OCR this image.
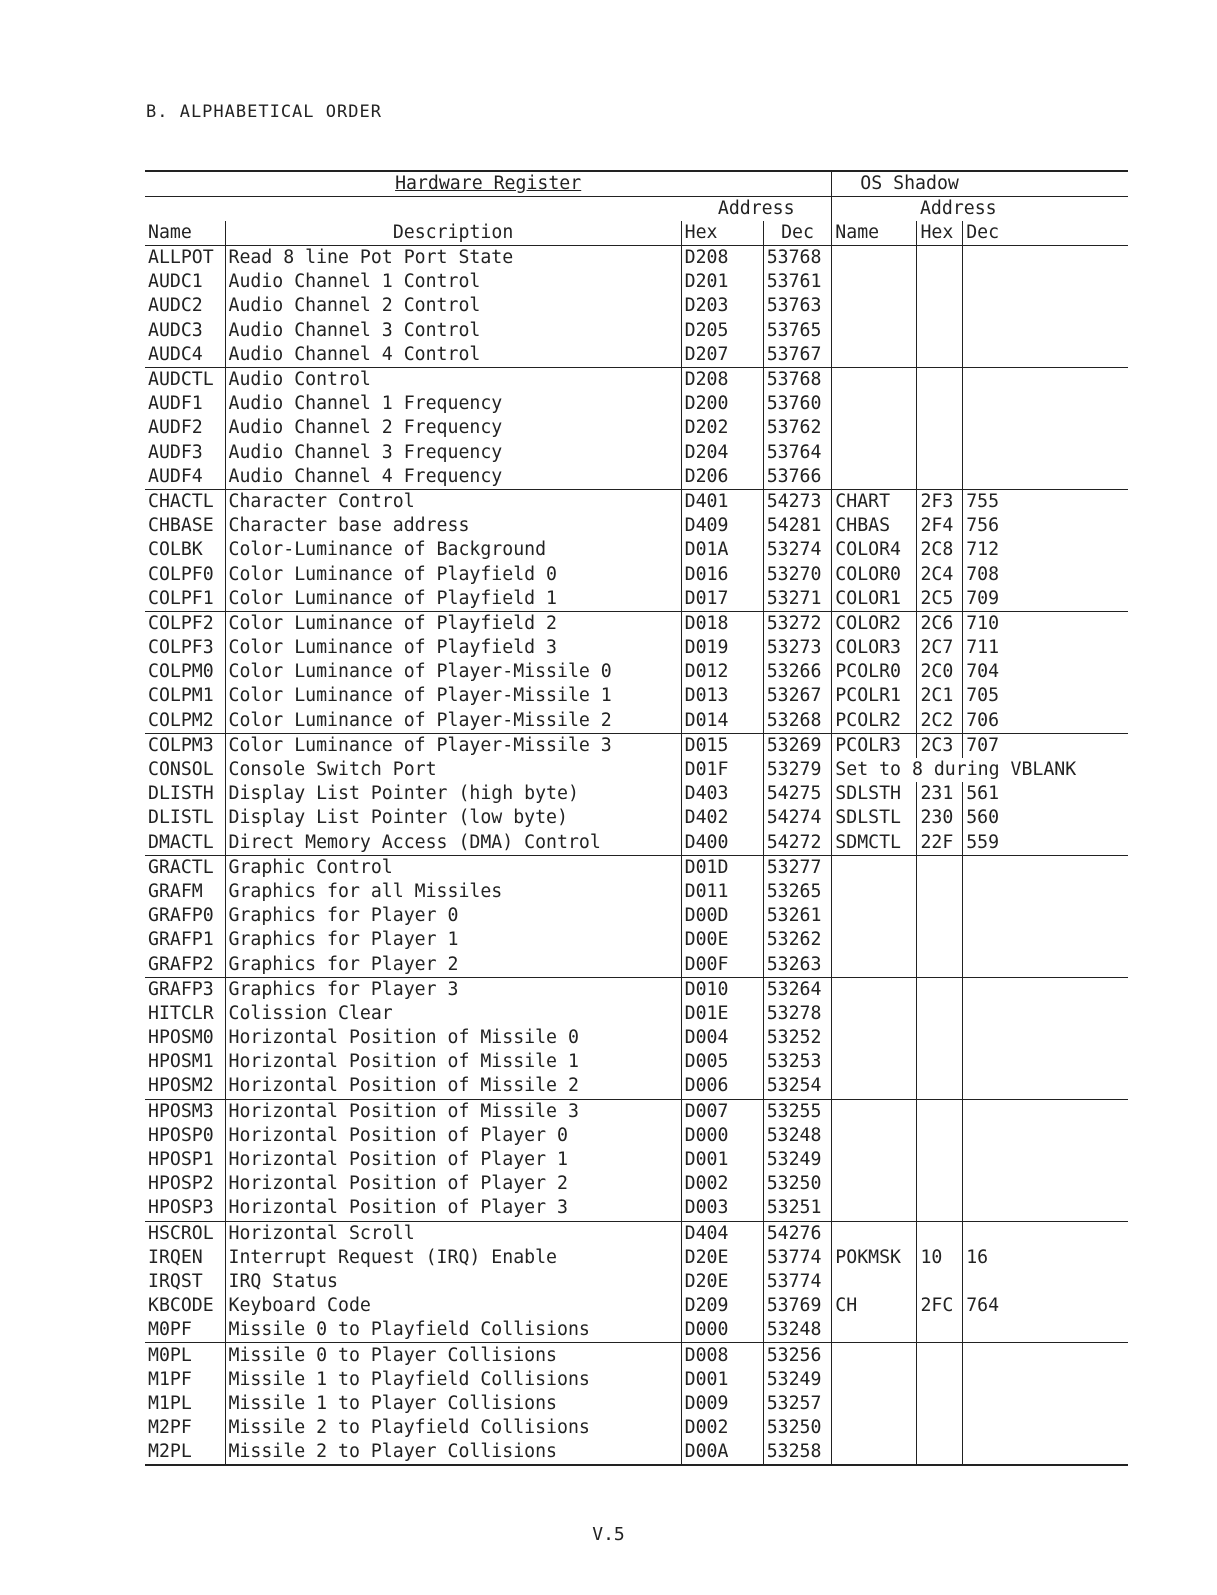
B. ALPHABETICAL ORDER
Hardware Register				OS Shadow		
		Address			Address	
Name	Description	Hex	Dec	Name	Hex	Dec
ALLPOT	Read 8 line Pot Port State	D208	53768			
AUDC1	Audio Channel 1 Control	D201	53761			
AUDC2	Audio Channel 2 Control	D203	53763			
AUDC3	Audio Channel 3 Control	D205	53765			
AUDC4	Audio Channel 4 Control	D207	53767			
AUDCTL	Audio Control	D208	53768			
AUDF1	Audio Channel 1 Frequency	D200	53760			
AUDF2	Audio Channel 2 Frequency	D202	53762			
AUDF3	Audio Channel 3 Frequency	D204	53764			
AUDF4	Audio Channel 4 Frequency	D206	53766			
CHACTL	Character Control	D401	54273	CHART	2F3	755
CHBASE	Character base address	D409	54281	CHBAS	2F4	756
COLBK	Color-Luminance of Background	D01A	53274	COLOR4	2C8	712
COLPF0	Color Luminance of Playfield 0	D016	53270	COLOR0	2C4	708
COLPF1	Color Luminance of Playfield 1	D017	53271	COLOR1	2C5	709
COLPF2	Color Luminance of Playfield 2	D018	53272	COLOR2	2C6	710
COLPF3	Color Luminance of Playfield 3	D019	53273	COLOR3	2C7	711
COLPM0	Color Luminance of Player-Missile 0	D012	53266	PCOLR0	2C0	704
COLPM1	Color Luminance of Player-Missile 1	D013	53267	PCOLR1	2C1	705
COLPM2	Color Luminance of Player-Missile 2	D014	53268	PCOLR2	2C2	706
COLPM3	Color Luminance of Player-Missile 3	D015	53269	PCOLR3	2C3	707
CONSOL	Console Switch Port	D01F	53279	Set to 8 during VBLANK		
DLISTH	Display List Pointer (high byte)	D403	54275	SDLSTH	231	561
DLISTL	Display List Pointer (low byte)	D402	54274	SDLSTL	230	560
DMACTL	Direct Memory Access (DMA) Control	D400	54272	SDMCTL	22F	559
GRACTL	Graphic Control	D01D	53277			
GRAFM	Graphics for all Missiles	D011	53265			
GRAFP0	Graphics for Player 0	D00D	53261			
GRAFP1	Graphics for Player 1	D00E	53262			
GRAFP2	Graphics for Player 2	D00F	53263			
GRAFP3	Graphics for Player 3	D010	53264			
HITCLR	Colission Clear	D01E	53278			
HPOSM0	Horizontal Position of Missile 0	D004	53252			
HPOSM1	Horizontal Position of Missile 1	D005	53253			
HPOSM2	Horizontal Position of Missile 2	D006	53254			
HPOSM3	Horizontal Position of Missile 3	D007	53255			
HPOSP0	Horizontal Position of Player 0	D000	53248			
HPOSP1	Horizontal Position of Player 1	D001	53249			
HPOSP2	Horizontal Position of Player 2	D002	53250			
HPOSP3	Horizontal Position of Player 3	D003	53251			
HSCROL	Horizontal Scroll	D404	54276			
IRQEN	Interrupt Request (IRQ) Enable	D20E	53774	POKMSK	10	16
IRQST	IRQ Status	D20E	53774			
KBCODE	Keyboard Code	D209	53769	CH	2FC	764
M0PF	Missile 0 to Playfield Collisions	D000	53248			
M0PL	Missile 0 to Player Collisions	D008	53256			
M1PF	Missile 1 to Playfield Collisions	D001	53249			
M1PL	Missile 1 to Player Collisions	D009	53257			
M2PF	Missile 2 to Playfield Collisions	D002	53250			
M2PL	Missile 2 to Player Collisions	D00A	53258			
V.5
